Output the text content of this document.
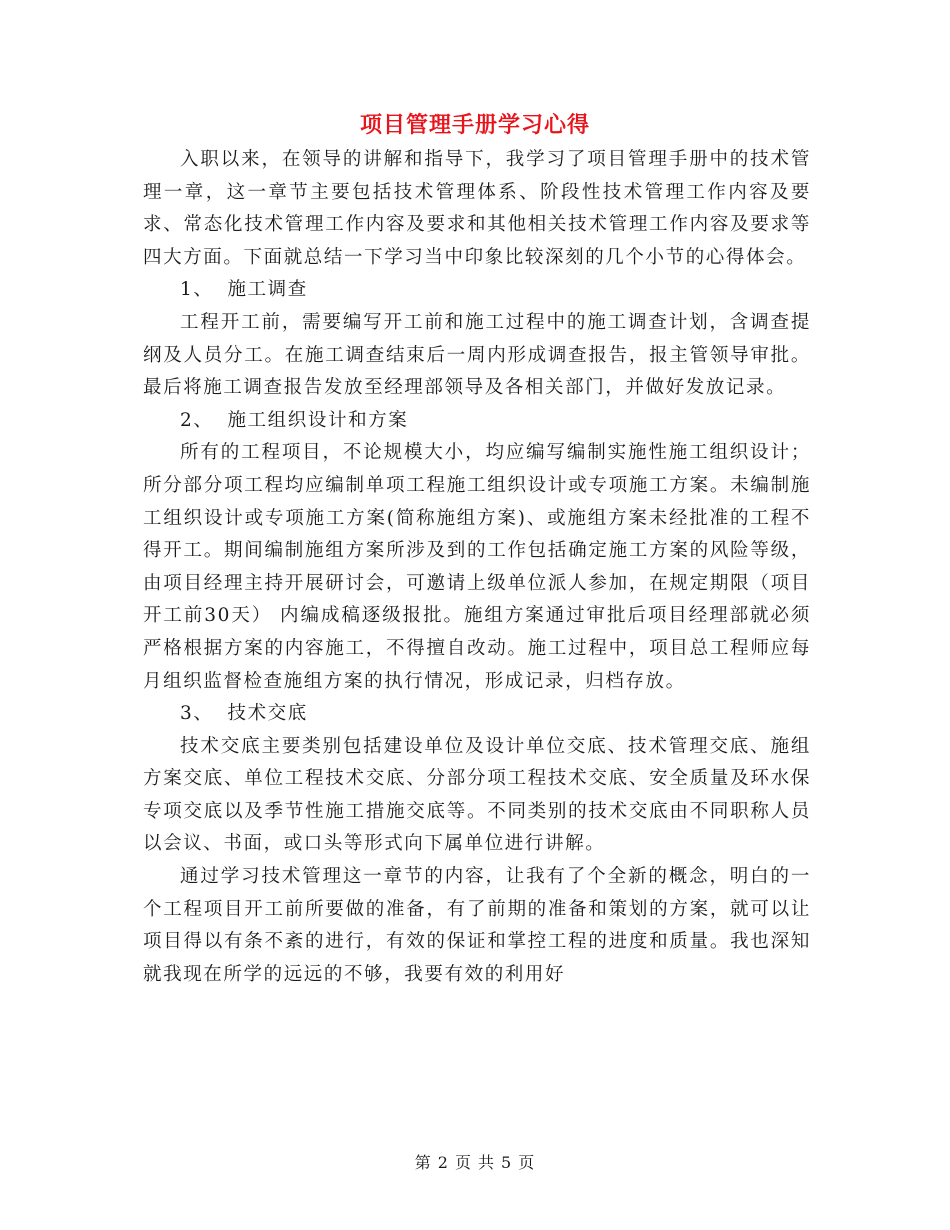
项目管理手册学习心得

入职以来，在领导的讲解和指导下，我学习了项目管理手册中的技术管理一章，这一章节主要包括技术管理体系、阶段性技术管理工作内容及要求、常态化技术管理工作内容及要求和其他相关技术管理工作内容及要求等四大方面。下面就总结一下学习当中印象比较深刻的几个小节的心得体会。

1、 施工调查

工程开工前，需要编写开工前和施工过程中的施工调查计划，含调查提纲及人员分工。在施工调查结束后一周内形成调查报告，报主管领导审批。最后将施工调查报告发放至经理部领导及各相关部门，并做好发放记录。

2、 施工组织设计和方案

所有的工程项目，不论规模大小，均应编写编制实施性施工组织设计；所分部分项工程均应编制单项工程施工组织设计或专项施工方案。未编制施工组织设计或专项施工方案(简称施组方案)、或施组方案未经批准的工程不得开工。期间编制施组方案所涉及到的工作包括确定施工方案的风险等级，由项目经理主持开展研讨会，可邀请上级单位派人参加，在规定期限（项目开工前30天） 内编成稿逐级报批。施组方案通过审批后项目经理部就必须严格根据方案的内容施工，不得擅自改动。施工过程中，项目总工程师应每月组织监督检查施组方案的执行情况，形成记录，归档存放。

3、 技术交底

技术交底主要类别包括建设单位及设计单位交底、技术管理交底、施组方案交底、单位工程技术交底、分部分项工程技术交底、安全质量及环水保专项交底以及季节性施工措施交底等。不同类别的技术交底由不同职称人员以会议、书面，或口头等形式向下属单位进行讲解。

通过学习技术管理这一章节的内容，让我有了个全新的概念，明白的一个工程项目开工前所要做的准备，有了前期的准备和策划的方案，就可以让项目得以有条不紊的进行，有效的保证和掌控工程的进度和质量。我也深知就我现在所学的远远的不够，我要有效的利用好

第 2 页 共 5 页
